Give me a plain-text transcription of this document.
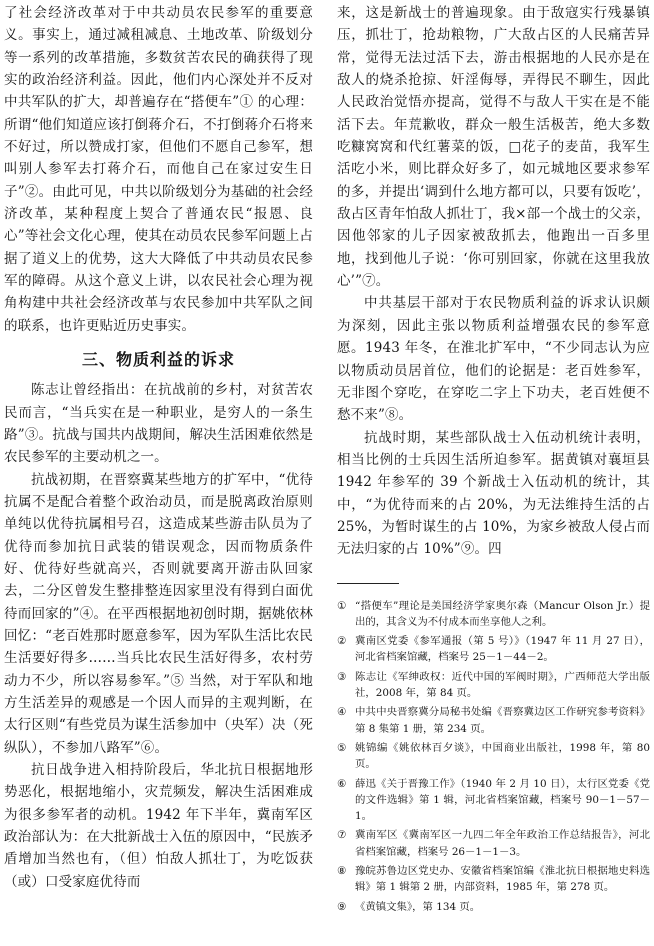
了社会经济改革对于中共动员农民参军的重要意义。事实上，通过减租减息、土地改革、阶级划分等一系列的改革措施，多数贫苦农民的确获得了现实的政治经济利益。因此，他们内心深处并不反对中共军队的扩大，却普遍存在“搭便车”① 的心理：所谓“他们知道应该打倒蒋介石，不打倒蒋介石将来不好过，所以赞成打家，但他们不愿自己参军，想叫别人参军去打蒋介石，而他自己在家过安生日子”②。由此可见，中共以阶级划分为基础的社会经济改革，某种程度上契合了普通农民“报恩、良心”等社会文化心理，使其在动员农民参军问题上占据了道义上的优势，这大大降低了中共动员农民参军的障碍。从这个意义上讲，以农民社会心理为视角构建中共社会经济改革与农民参加中共军队之间的联系，也许更贴近历史事实。

三、物质利益的诉求

陈志让曾经指出：在抗战前的乡村，对贫苦农民而言，“当兵实在是一种职业，是穷人的一条生路”③。抗战与国共内战期间，解决生活困难依然是农民参军的主要动机之一。

抗战初期，在晋察冀某些地方的扩军中，“优待抗属不是配合着整个政治动员，而是脱离政治原则单纯以优待抗属相号召，这造成某些游击队员为了优待而参加抗日武装的错误观念，因而物质条件好、优待好些就高兴，否则就要离开游击队回家去，二分区曾发生整排整连因家里没有得到白面优待而回家的”④。在平西根据地初创时期，据姚依林回忆：“老百姓那时愿意参军，因为军队生活比农民生活要好得多……当兵比农民生活好得多，农村劳动力不少，所以容易参军。”⑤ 当然，对于军队和地方生活差异的观感是一个因人而异的主观判断，在太行区则“有些党员为谋生活参加中（央军）决（死纵队），不参加八路军”⑥。

抗日战争进入相持阶段后，华北抗日根据地形势恶化，根据地缩小，灾荒频发，解决生活困难成为很多参军者的动机。1942 年下半年，冀南军区政治部认为：在大批新战士入伍的原因中，“民族矛盾增加当然也有，（但）怕敌人抓壮丁，为吃饭获（或）口受家庭优待而

来，这是新战士的普遍现象。由于敌寇实行残暴镇压，抓壮丁，抢劫粮物，广大敌占区的人民痛苦异常，觉得无法过活下去，游击根据地的人民亦是在敌人的烧杀抢掠、奸淫侮辱，弄得民不聊生，因此人民政治觉悟亦提高，觉得不与敌人干实在是不能活下去。年荒歉收，群众一般生活极苦，绝大多数吃糠窝窝和代红薯菜的饭，□花子的麦苗，我军生活吃小米，则比群众好多了，如元城地区要求参军的多，并提出‘调到什么地方都可以，只要有饭吃’，敌占区青年怕敌人抓壮丁，我×部一个战士的父亲，因他邻家的儿子因家被敌抓去，他跑出一百多里地，找到他儿子说：‘你可别回家，你就在这里我放心’”⑦。

中共基层干部对于农民物质利益的诉求认识颇为深刻，因此主张以物质利益增强农民的参军意愿。1943 年冬，在淮北扩军中，“不少同志认为应以物质动员居首位，他们的论据是：老百姓参军，无非图个穿吃，在穿吃二字上下功夫，老百姓便不愁不来”⑧。

抗战时期，某些部队战士入伍动机统计表明，相当比例的士兵因生活所迫参军。据黄镇对襄垣县 1942 年参军的 39 个新战士入伍动机的统计，其中，“为优待而来的占 20%，为无法维持生活的占 25%，为暂时谋生的占 10%，为家乡被敌人侵占而无法归家的占 10%”⑨。四

① “搭便车”理论是美国经济学家奥尔森（Mancur Olson Jr.）提出的，其含义为不付成本而坐享他人之利。
② 冀南区党委《参军通报（第 5 号）》（1947 年 11 月 27 日），河北省档案馆藏，档案号 25－1－44－2。
③ 陈志让《军绅政权：近代中国的军阀时期》，广西师范大学出版社，2008 年，第 84 页。
④ 中共中央晋察冀分局秘书处编《晋察冀边区工作研究参考资料》第 8 集第 1 册，第 234 页。
⑤ 姚锦编《姚依林百夕谈》，中国商业出版社，1998 年，第 80 页。
⑥ 薛迅《关于晋豫工作》（1940 年 2 月 10 日），太行区党委《党的文件选辑》第 1 辑，河北省档案馆藏，档案号 90－1－57－1。
⑦ 冀南军区《冀南军区一九四二年全年政治工作总结报告》，河北省档案馆藏，档案号 26－1－1－3。
⑧ 豫皖苏鲁边区党史办、安徽省档案馆编《淮北抗日根据地史料选辑》第 1 辑第 2 册，内部资料，1985 年，第 278 页。
⑨ 《黄镇文集》，第 134 页。
